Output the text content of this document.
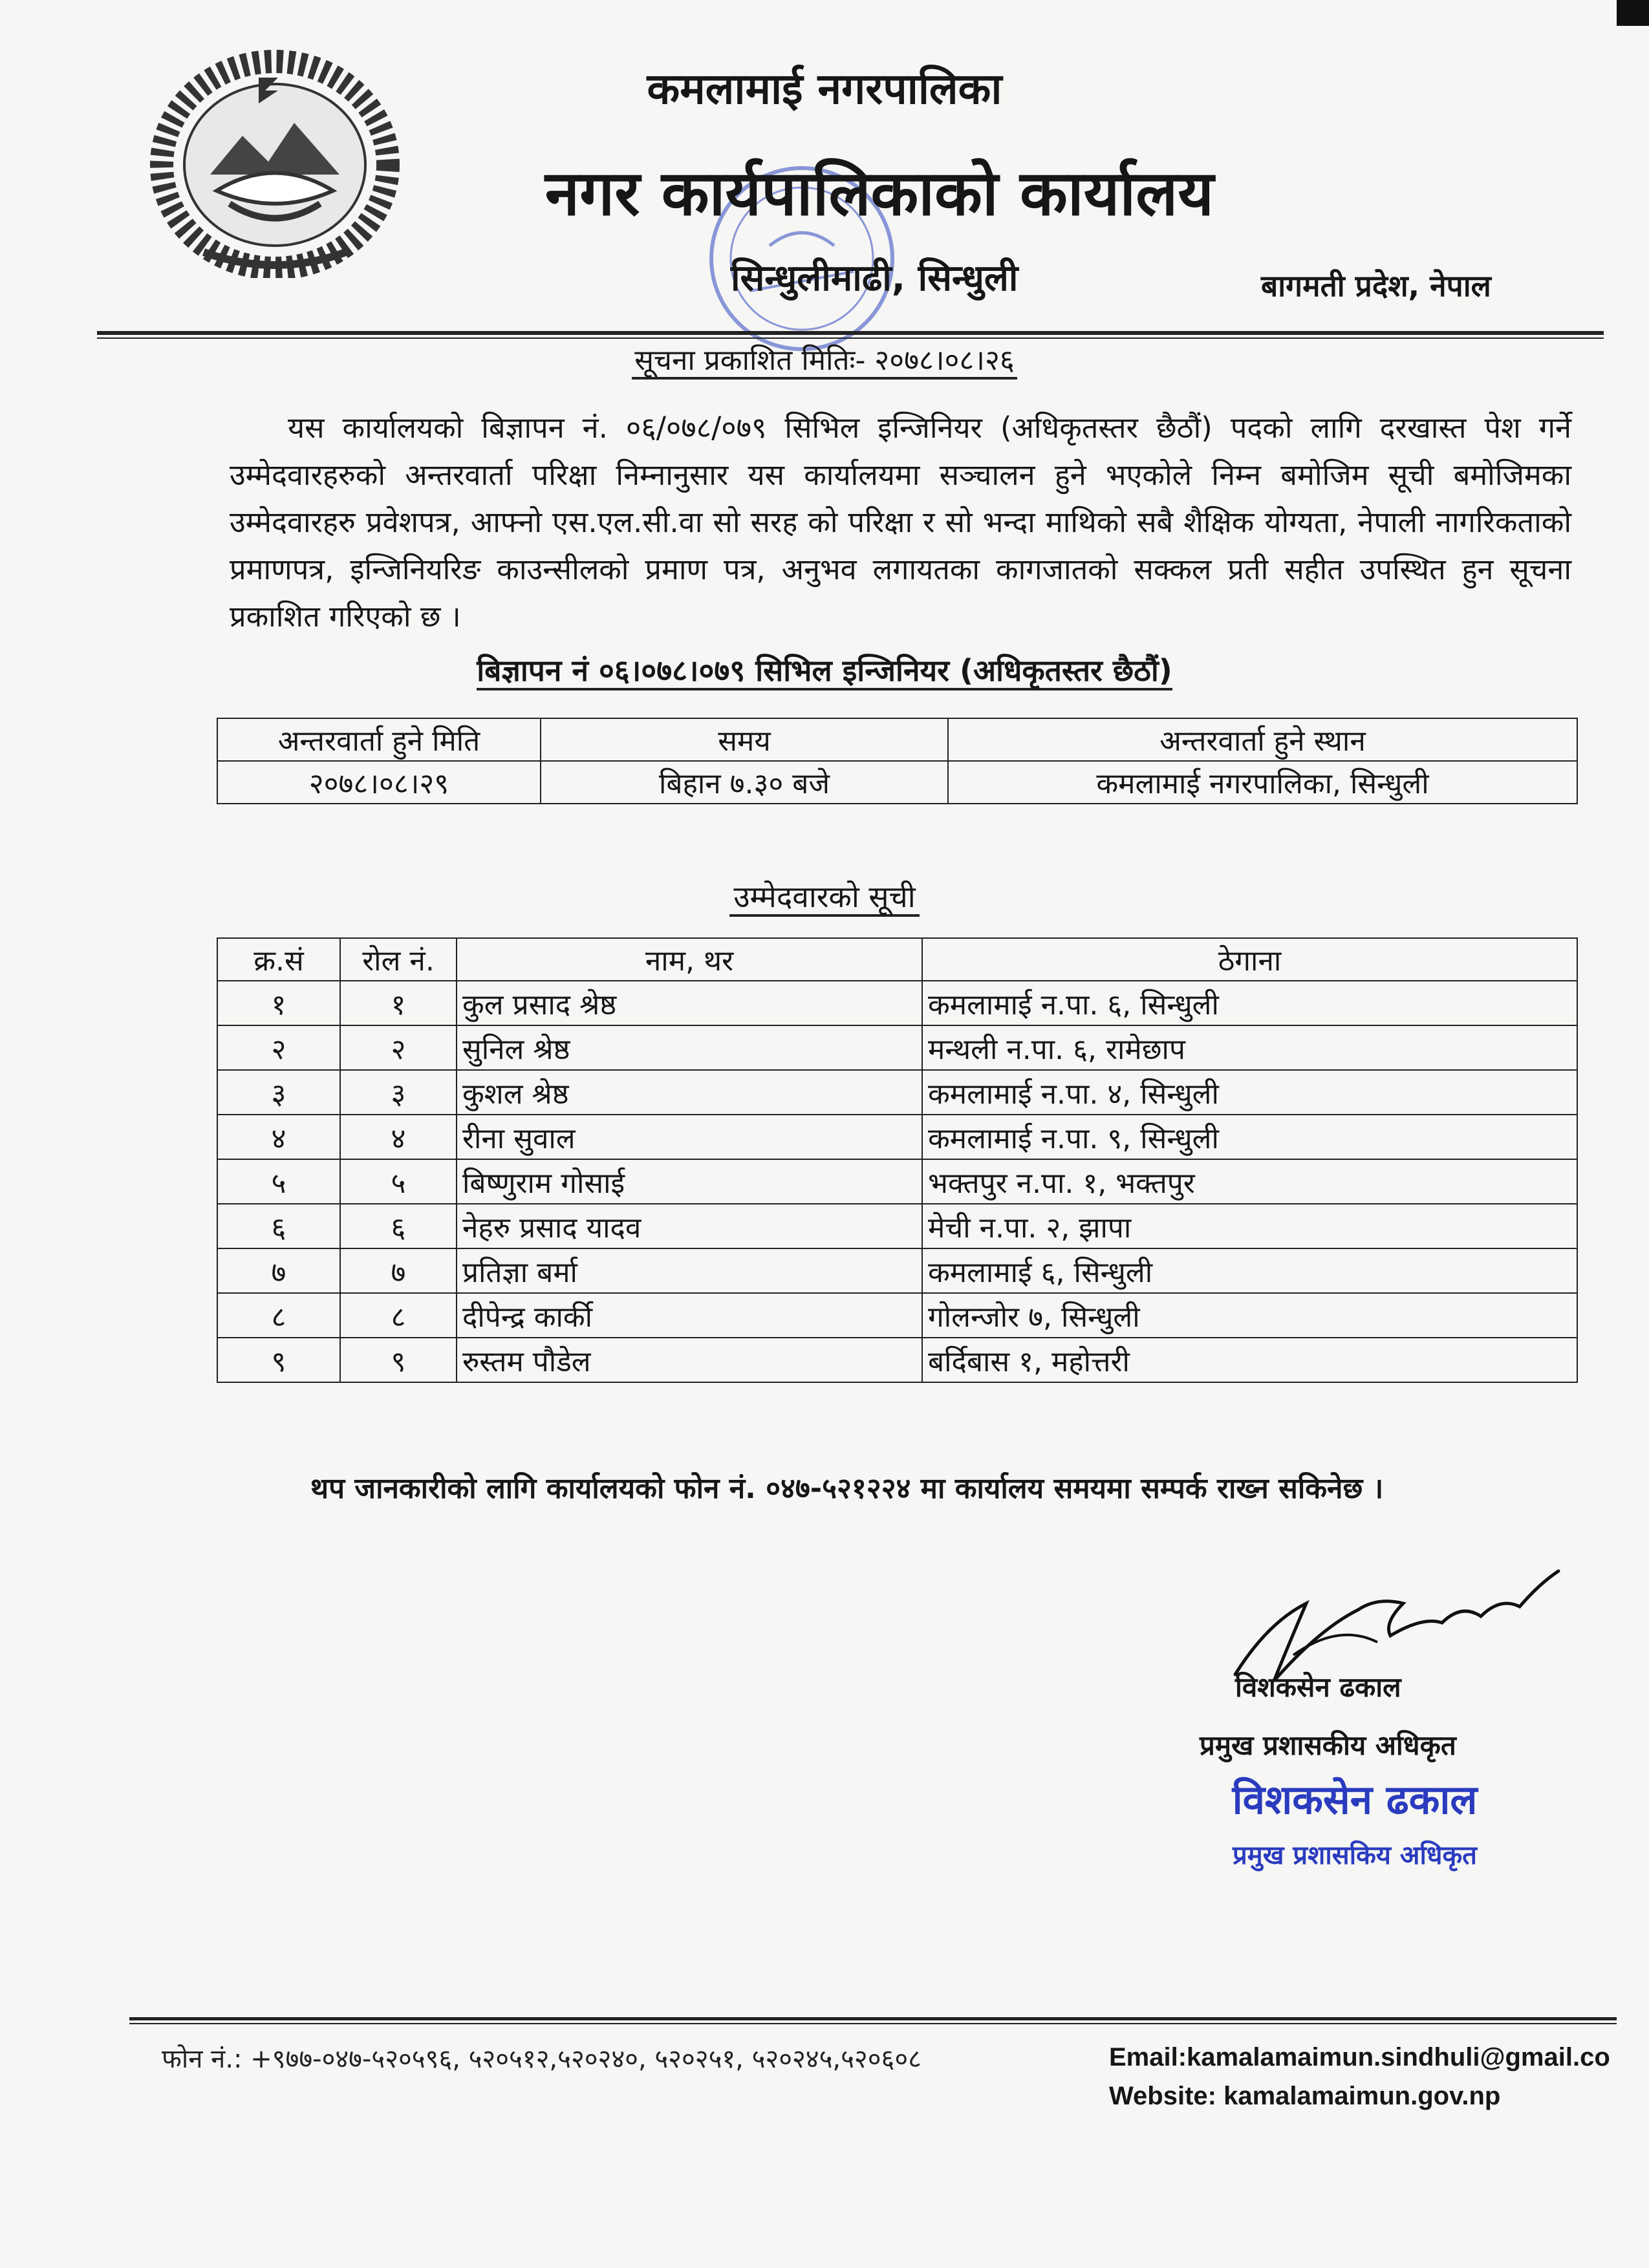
कमलामाई नगरपालिका
नगर कार्यपालिकाको कार्यालय
सिन्धुलीमाढी, सिन्धुली	बागमती प्रदेश, नेपाल
सूचना प्रकाशित मितिः- २०७८।०८।२६
यस कार्यालयको बिज्ञापन नं. ०६/०७८/०७९ सिभिल इन्जिनियर (अधिकृतस्तर छैठौं) पदको लागि दरखास्त पेश गर्ने उम्मेदवारहरुको अन्तरवार्ता परिक्षा निम्नानुसार यस कार्यालयमा सञ्चालन हुने भएकोले निम्न बमोजिम सूची बमोजिमका उम्मेदवारहरु प्रवेशपत्र, आफ्नो एस.एल.सी.वा सो सरह को परिक्षा र सो भन्दा माथिको सबै शैक्षिक योग्यता, नेपाली नागरिकताको प्रमाणपत्र, इन्जिनियरिङ काउन्सीलको प्रमाण पत्र, अनुभव लगायतका कागजातको सक्कल प्रती सहीत उपस्थित हुन सूचना प्रकाशित गरिएको छ ।
बिज्ञापन नं ०६।०७८।०७९ सिभिल इन्जिनियर (अधिकृतस्तर छैठौं)
अन्तरवार्ता हुने मिति	समय	अन्तरवार्ता हुने स्थान
२०७८।०८।२९	बिहान ७.३० बजे	कमलामाई नगरपालिका, सिन्धुली
उम्मेदवारको सूची
क्र.सं	रोल नं.	नाम, थर	ठेगाना
१	१	कुल प्रसाद श्रेष्ठ	कमलामाई न.पा. ६, सिन्धुली
२	२	सुनिल श्रेष्ठ	मन्थली न.पा. ६, रामेछाप
३	३	कुशल श्रेष्ठ	कमलामाई न.पा. ४, सिन्धुली
४	४	रीना सुवाल	कमलामाई न.पा. ९, सिन्धुली
५	५	बिष्णुराम गोसाई	भक्तपुर न.पा. १, भक्तपुर
६	६	नेहरु प्रसाद यादव	मेची न.पा. २, झापा
७	७	प्रतिज्ञा बर्मा	कमलामाई ६, सिन्धुली
८	८	दीपेन्द्र कार्की	गोलन्जोर ७, सिन्धुली
९	९	रुस्तम पौडेल	बर्दिबास १, महोत्तरी
थप जानकारीको लागि कार्यालयको फोन नं. ०४७-५२१२२४ मा कार्यालय समयमा सम्पर्क राख्न सकिनेछ ।
विशकसेन ढकाल
प्रमुख प्रशासकीय अधिकृत
विशकसेन ढकाल
प्रमुख प्रशासकिय अधिकृत
फोन नं.: +९७७-०४७-५२०५९६, ५२०५१२,५२०२४०, ५२०२५१, ५२०२४५,५२०६०८	Email:kamalamaimun.sindhuli@gmail.co
Website: kamalamaimun.gov.np
